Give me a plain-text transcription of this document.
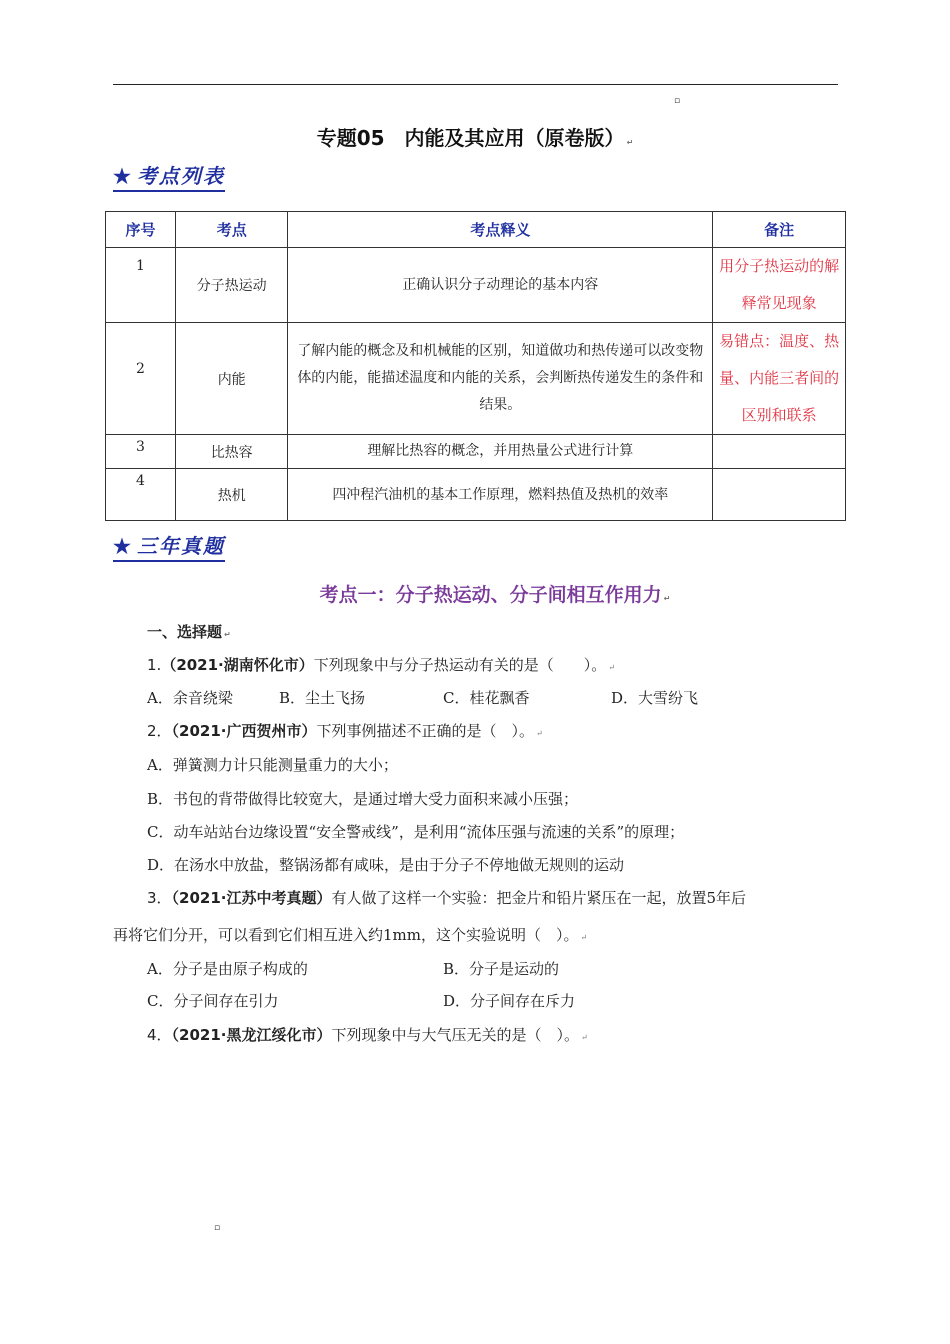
▫
专题05　内能及其应用（原卷版） ↵
★ 考点列表
序号	考点	考点释义	备注
1	分子热运动	正确认识分子动理论的基本内容	用分子热运动的解释常见现象
2	内能	了解内能的概念及和机械能的区别，知道做功和热传递可以改变物体的内能，能描述温度和内能的关系，会判断热传递发生的条件和结果。	易错点：温度、热量、内能三者间的区别和联系
3	比热容	理解比热容的概念，并用热量公式进行计算	
4	热机	四冲程汽油机的基本工作原理，燃料热值及热机的效率	
★ 三年真题
考点一：分子热运动、分子间相互作用力 ↵
一、选择题 ↵
1.（2021·湖南怀化市）下列现象中与分子热运动有关的是（　　）。 ↵
A．余音绕梁	B．尘土飞扬	C．桂花飘香	D．大雪纷飞
2．（2021·广西贺州市）下列事例描述不正确的是（　）。 ↵
A．弹簧测力计只能测量重力的大小；
B．书包的背带做得比较宽大，是通过增大受力面积来减小压强；
C．动车站站台边缘设置“安全警戒线”，是利用“流体压强与流速的关系”的原理；
D．在汤水中放盐，整锅汤都有咸味，是由于分子不停地做无规则的运动
3．（2021·江苏中考真题）有人做了这样一个实验：把金片和铅片紧压在一起，放置5年后
再将它们分开，可以看到它们相互进入约1mm，这个实验说明（　）。 ↵
A．分子是由原子构成的	B．分子是运动的
C．分子间存在引力	D．分子间存在斥力
4．（2021·黑龙江绥化市）下列现象中与大气压无关的是（　）。 ↵
▫
